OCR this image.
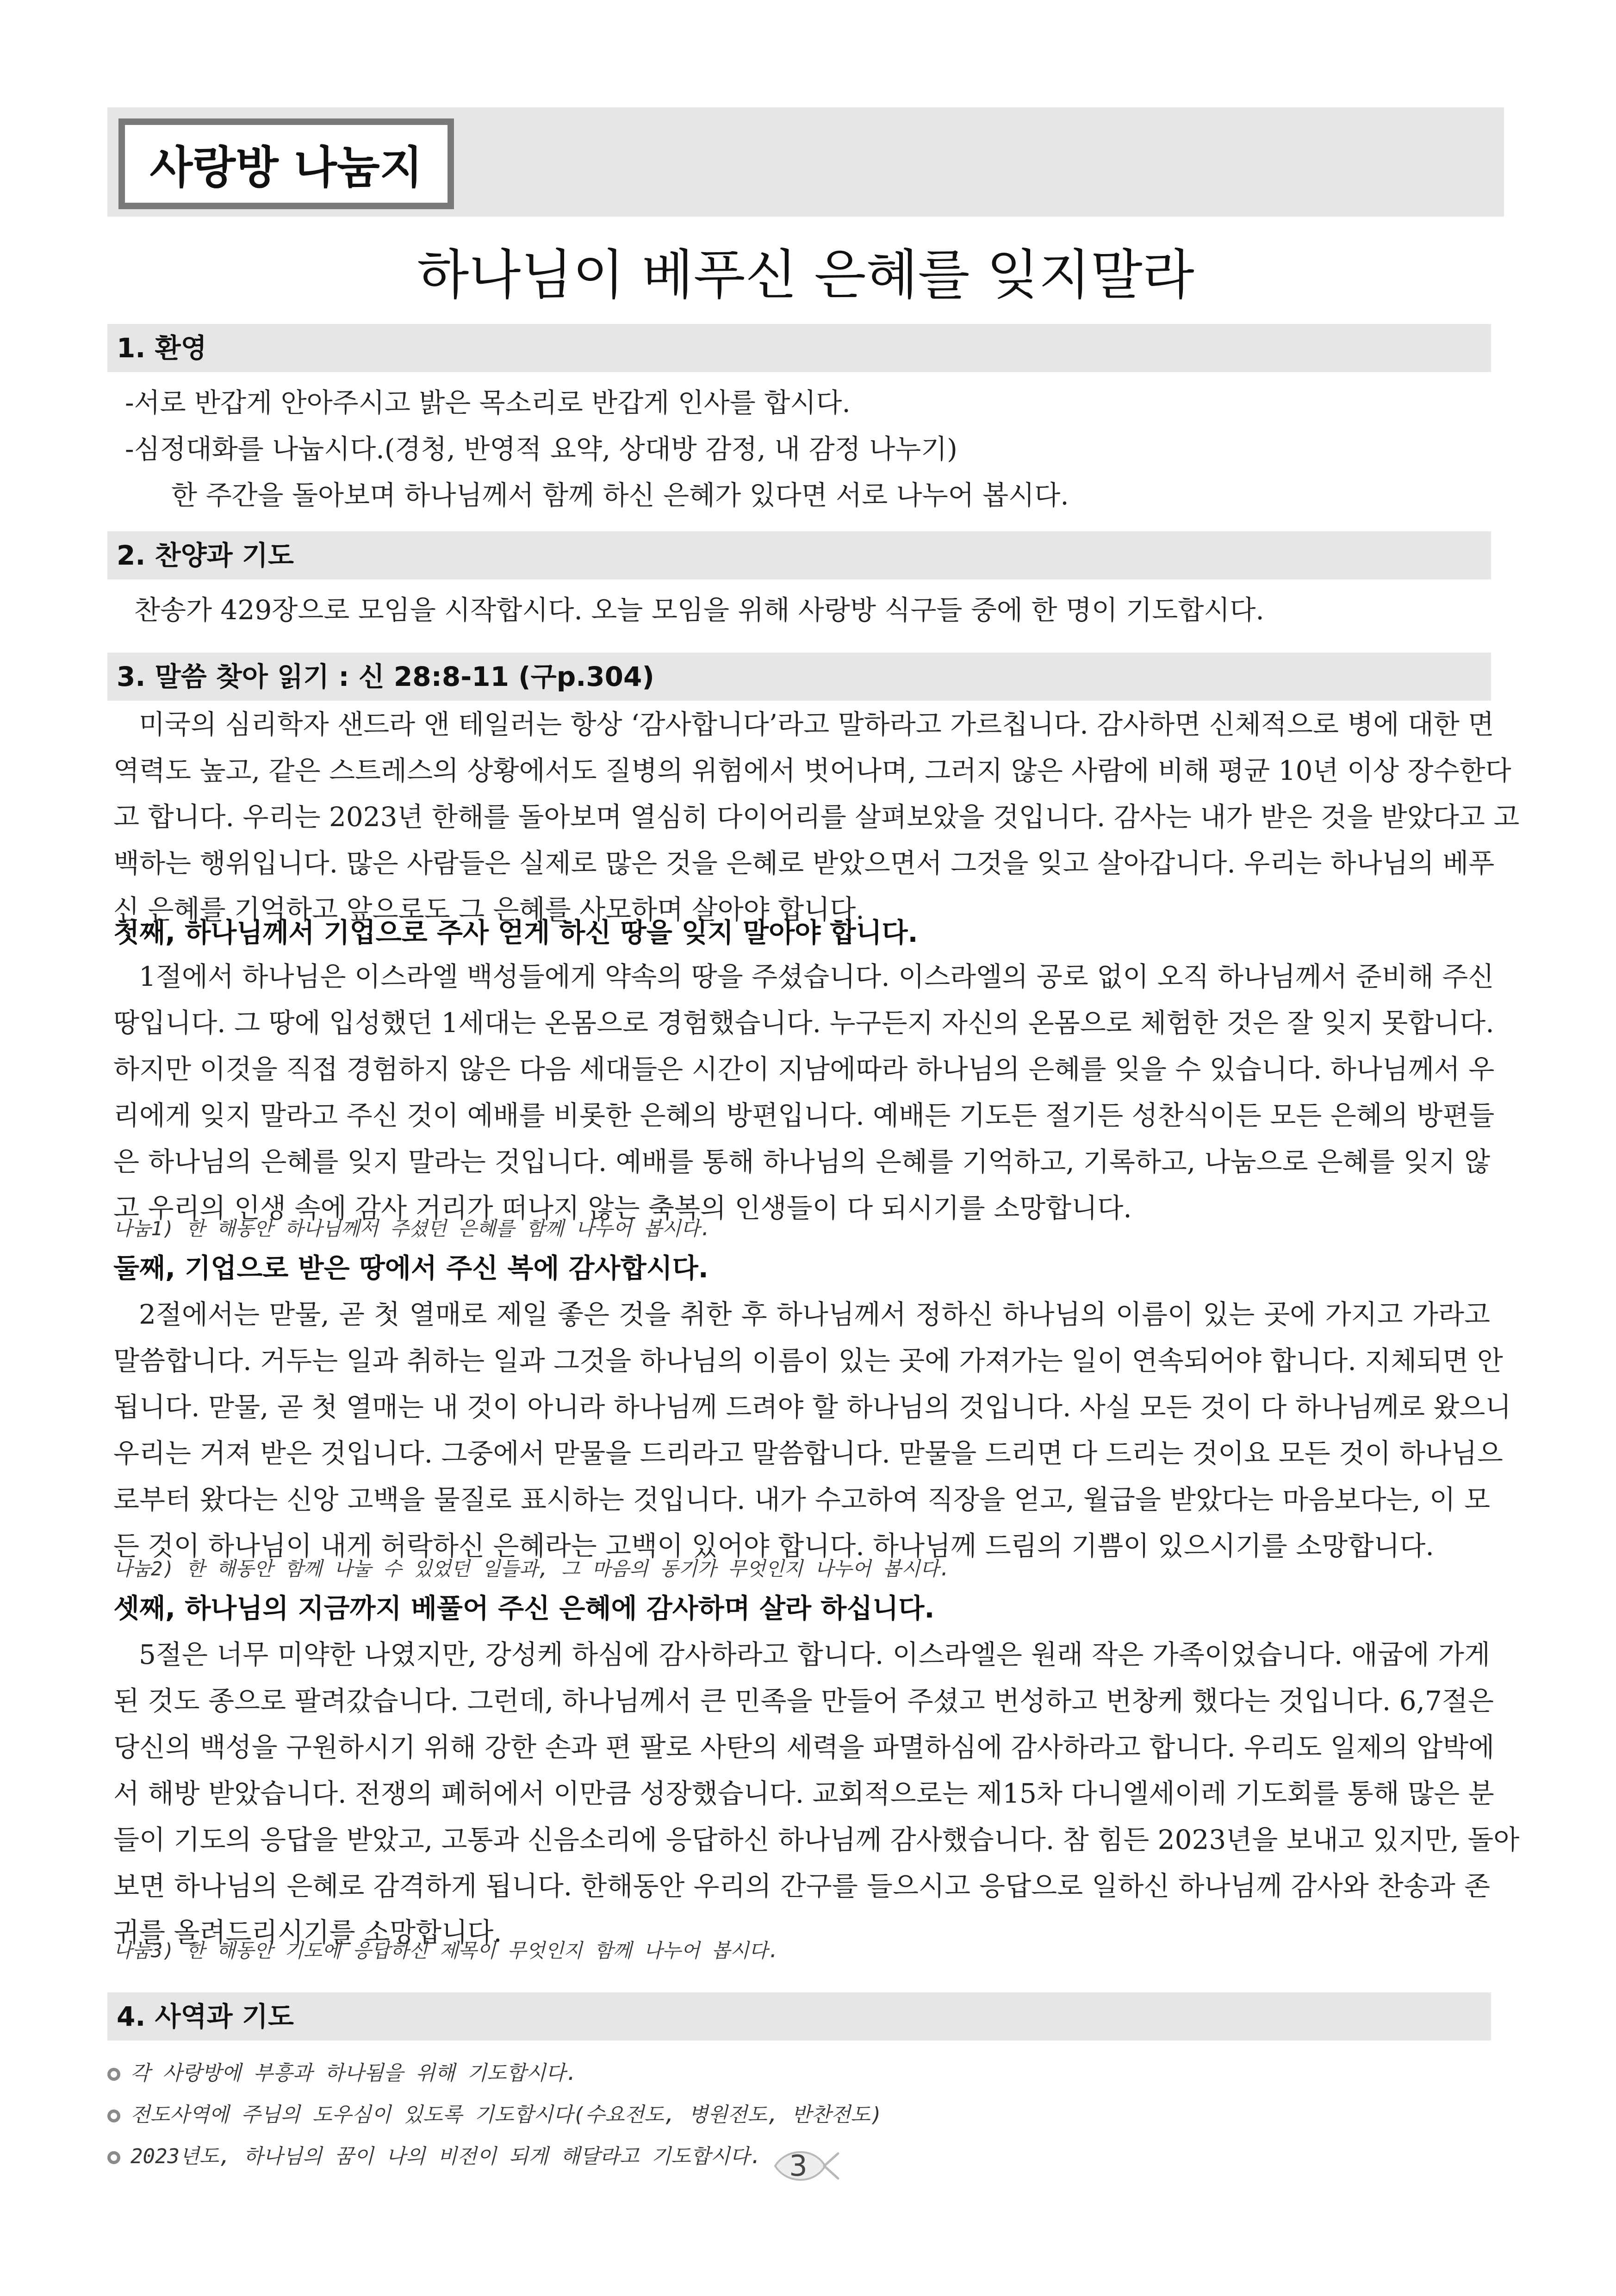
사랑방 나눔지
하나님이 베푸신 은혜를 잊지말라
1. 환영
-서로 반갑게 안아주시고 밝은 목소리로 반갑게 인사를 합시다.
-심정대화를 나눕시다.(경청, 반영적 요약, 상대방 감정, 내 감정 나누기)
한 주간을 돌아보며 하나님께서 함께 하신 은혜가 있다면 서로 나누어 봅시다.
2. 찬양과 기도
찬송가 429장으로 모임을 시작합시다. 오늘 모임을 위해 사랑방 식구들 중에 한 명이 기도합시다.
3. 말씀 찾아 읽기 : 신 28:8-11 (구p.304)
미국의 심리학자 샌드라 앤 테일러는 항상 ‘감사합니다’라고 말하라고 가르칩니다. 감사하면 신체적으로 병에 대한 면
역력도 높고, 같은 스트레스의 상황에서도 질병의 위험에서 벗어나며, 그러지 않은 사람에 비해 평균 10년 이상 장수한다
고 합니다. 우리는 2023년 한해를 돌아보며 열심히 다이어리를 살펴보았을 것입니다. 감사는 내가 받은 것을 받았다고 고
백하는 행위입니다. 많은 사람들은 실제로 많은 것을 은혜로 받았으면서 그것을 잊고 살아갑니다. 우리는 하나님의 베푸
신 은혜를 기억하고 앞으로도 그 은혜를 사모하며 살아야 합니다.
첫째, 하나님께서 기업으로 주사 얻게 하신 땅을 잊지 말아야 합니다.
1절에서 하나님은 이스라엘 백성들에게 약속의 땅을 주셨습니다. 이스라엘의 공로 없이 오직 하나님께서 준비해 주신
땅입니다. 그 땅에 입성했던 1세대는 온몸으로 경험했습니다. 누구든지 자신의 온몸으로 체험한 것은 잘 잊지 못합니다.
하지만 이것을 직접 경험하지 않은 다음 세대들은 시간이 지남에따라 하나님의 은혜를 잊을 수 있습니다. 하나님께서 우
리에게 잊지 말라고 주신 것이 예배를 비롯한 은혜의 방편입니다. 예배든 기도든 절기든 성찬식이든 모든 은혜의 방편들
은 하나님의 은혜를 잊지 말라는 것입니다. 예배를 통해 하나님의 은혜를 기억하고, 기록하고, 나눔으로 은혜를 잊지 않
고 우리의 인생 속에 감사 거리가 떠나지 않는 축복의 인생들이 다 되시기를 소망합니다.
나눔1) 한 해동안 하나님께서 주셨던 은혜를 함께 나누어 봅시다.
둘째, 기업으로 받은 땅에서 주신 복에 감사합시다.
2절에서는 맏물, 곧 첫 열매로 제일 좋은 것을 취한 후 하나님께서 정하신 하나님의 이름이 있는 곳에 가지고 가라고
말씀합니다. 거두는 일과 취하는 일과 그것을 하나님의 이름이 있는 곳에 가져가는 일이 연속되어야 합니다. 지체되면 안
됩니다. 맏물, 곧 첫 열매는 내 것이 아니라 하나님께 드려야 할 하나님의 것입니다. 사실 모든 것이 다 하나님께로 왔으니
우리는 거져 받은 것입니다. 그중에서 맏물을 드리라고 말씀합니다. 맏물을 드리면 다 드리는 것이요 모든 것이 하나님으
로부터 왔다는 신앙 고백을 물질로 표시하는 것입니다. 내가 수고하여 직장을 얻고, 월급을 받았다는 마음보다는, 이 모
든 것이 하나님이 내게 허락하신 은혜라는 고백이 있어야 합니다. 하나님께 드림의 기쁨이 있으시기를 소망합니다.
나눔2) 한 해동안 함께 나눌 수 있었던 일들과, 그 마음의 동기가 무엇인지 나누어 봅시다.
셋째, 하나님의 지금까지 베풀어 주신 은혜에 감사하며 살라 하십니다.
5절은 너무 미약한 나였지만, 강성케 하심에 감사하라고 합니다. 이스라엘은 원래 작은 가족이었습니다. 애굽에 가게
된 것도 종으로 팔려갔습니다. 그런데, 하나님께서 큰 민족을 만들어 주셨고 번성하고 번창케 했다는 것입니다. 6,7절은
당신의 백성을 구원하시기 위해 강한 손과 편 팔로 사탄의 세력을 파멸하심에 감사하라고 합니다. 우리도 일제의 압박에
서 해방 받았습니다. 전쟁의 폐허에서 이만큼 성장했습니다. 교회적으로는 제15차 다니엘세이레 기도회를 통해 많은 분
들이 기도의 응답을 받았고, 고통과 신음소리에 응답하신 하나님께 감사했습니다. 참 힘든 2023년을 보내고 있지만, 돌아
보면 하나님의 은혜로 감격하게 됩니다. 한해동안 우리의 간구를 들으시고 응답으로 일하신 하나님께 감사와 찬송과 존
귀를 올려드리시기를 소망합니다.
나눔3) 한 해동안 기도에 응답하신 제목이 무엇인지 함께 나누어 봅시다.
4. 사역과 기도
각 사랑방에 부흥과 하나됨을 위해 기도합시다.
전도사역에 주님의 도우심이 있도록 기도합시다(수요전도, 병원전도, 반찬전도)
2023년도, 하나님의 꿈이 나의 비전이 되게 해달라고 기도합시다. 3
